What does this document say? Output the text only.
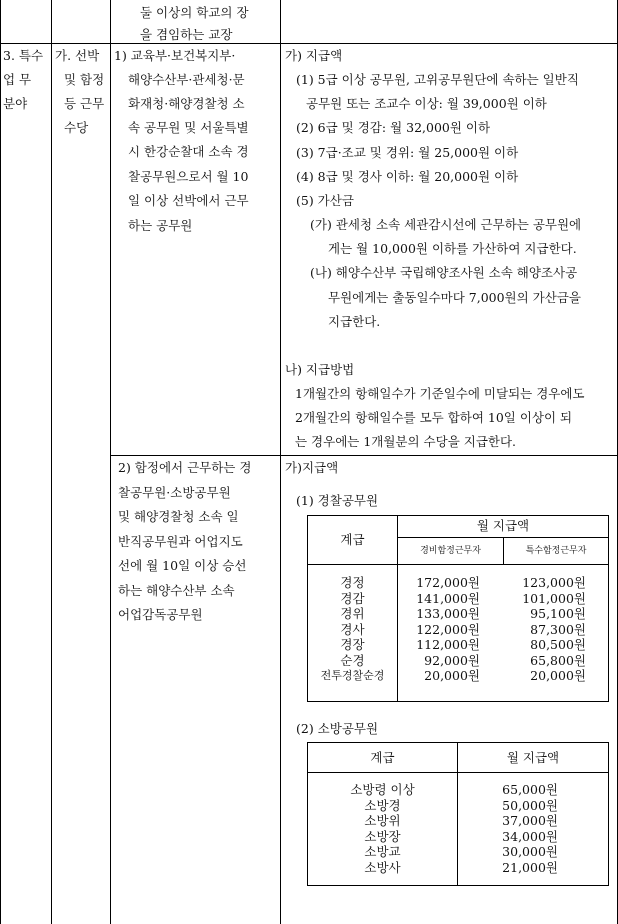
둘 이상의 학교의 장
을 겸임하는 교장
3. 특수
업 무
분야
가. 선박
및 함정
등 근무
수당
1) 교육부·보건복지부·
해양수산부·관세청·문
화재청·해양경찰청 소
속 공무원 및 서울특별
시 한강순찰대 소속 경
찰공무원으로서 월 10
일 이상 선박에서 근무
하는 공무원
가) 지급액
(1) 5급 이상 공무원, 고위공무원단에 속하는 일반직
공무원 또는 조교수 이상: 월 39,000원 이하
(2) 6급 및 경감: 월 32,000원 이하
(3) 7급·조교 및 경위: 월 25,000원 이하
(4) 8급 및 경사 이하: 월 20,000원 이하
(5) 가산금
(가) 관세청 소속 세관감시선에 근무하는 공무원에
게는 월 10,000원 이하를 가산하여 지급한다.
(나) 해양수산부 국립해양조사원 소속 해양조사공
무원에게는 출동일수마다 7,000원의 가산금을
지급한다.
나) 지급방법
1개월간의 항해일수가 기준일수에 미달되는 경우에도
2개월간의 항해일수를 모두 합하여 10일 이상이 되
는 경우에는 1개월분의 수당을 지급한다.
2) 함정에서 근무하는 경
찰공무원·소방공무원
및 해양경찰청 소속 일
반직공무원과 어업지도
선에 월 10일 이상 승선
하는 해양수산부 소속
어업감독공무원
가)지급액
(1) 경찰공무원
계급
월 지급액
경비함정근무자	특수함정근무자
경정
경감
경위
경사
경장
순경
전투경찰순경
172,000원
141,000원
133,000원
122,000원
112,000원
92,000원
20,000원
123,000원
101,000원
95,100원
87,300원
80,500원
65,800원
20,000원
(2) 소방공무원
계급	월 지급액
소방령 이상
소방경
소방위
소방장
소방교
소방사
65,000원
50,000원
37,000원
34,000원
30,000원
21,000원
